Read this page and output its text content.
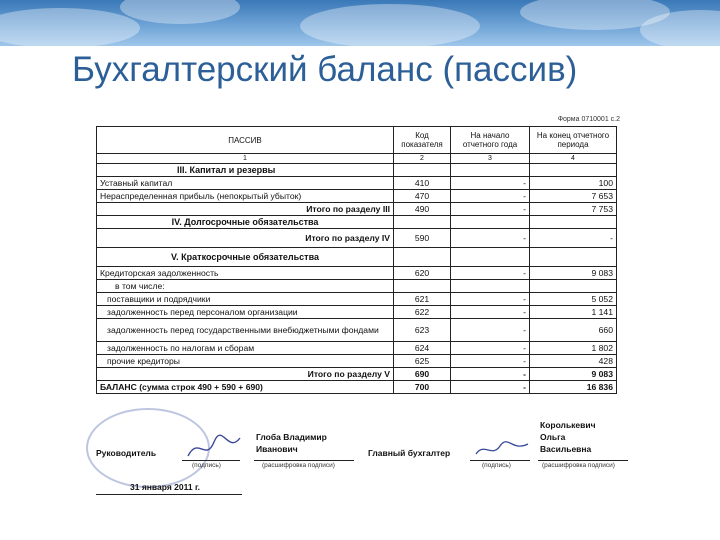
Бухгалтерский баланс (пассив)
Форма 0710001 с.2
ПАССИВ	Код показателя	На начало отчетного года	На конец отчетного периода
1	2	3	4
III. Капитал и резервы			
Уставный капитал	410	-	100
Нераспределенная прибыль (непокрытый убыток)	470	-	7 653
Итого по разделу III	490	-	7 753
IV. Долгосрочные обязательства			
Итого по разделу IV	590	-	-
V. Краткосрочные обязательства			
Кредиторская задолженность	620	-	9 083
в том числе:			
поставщики и подрядчики	621	-	5 052
задолженность перед персоналом организации	622	-	1 141
задолженность перед государственными внебюджетными фондами	623	-	660
задолженность по налогам и сборам	624	-	1 802
прочие кредиторы	625	-	428
Итого по разделу V	690	-	9 083
БАЛАНС (сумма строк 490 + 590 + 690)	700	-	16 836
Руководитель
(подпись)
Глоба Владимир
Иванович
(расшифровка подписи)
Главный бухгалтер
(подпись)
Королькевич
Ольга
Васильевна
(расшифровка подписи)
31 января 2011 г.
